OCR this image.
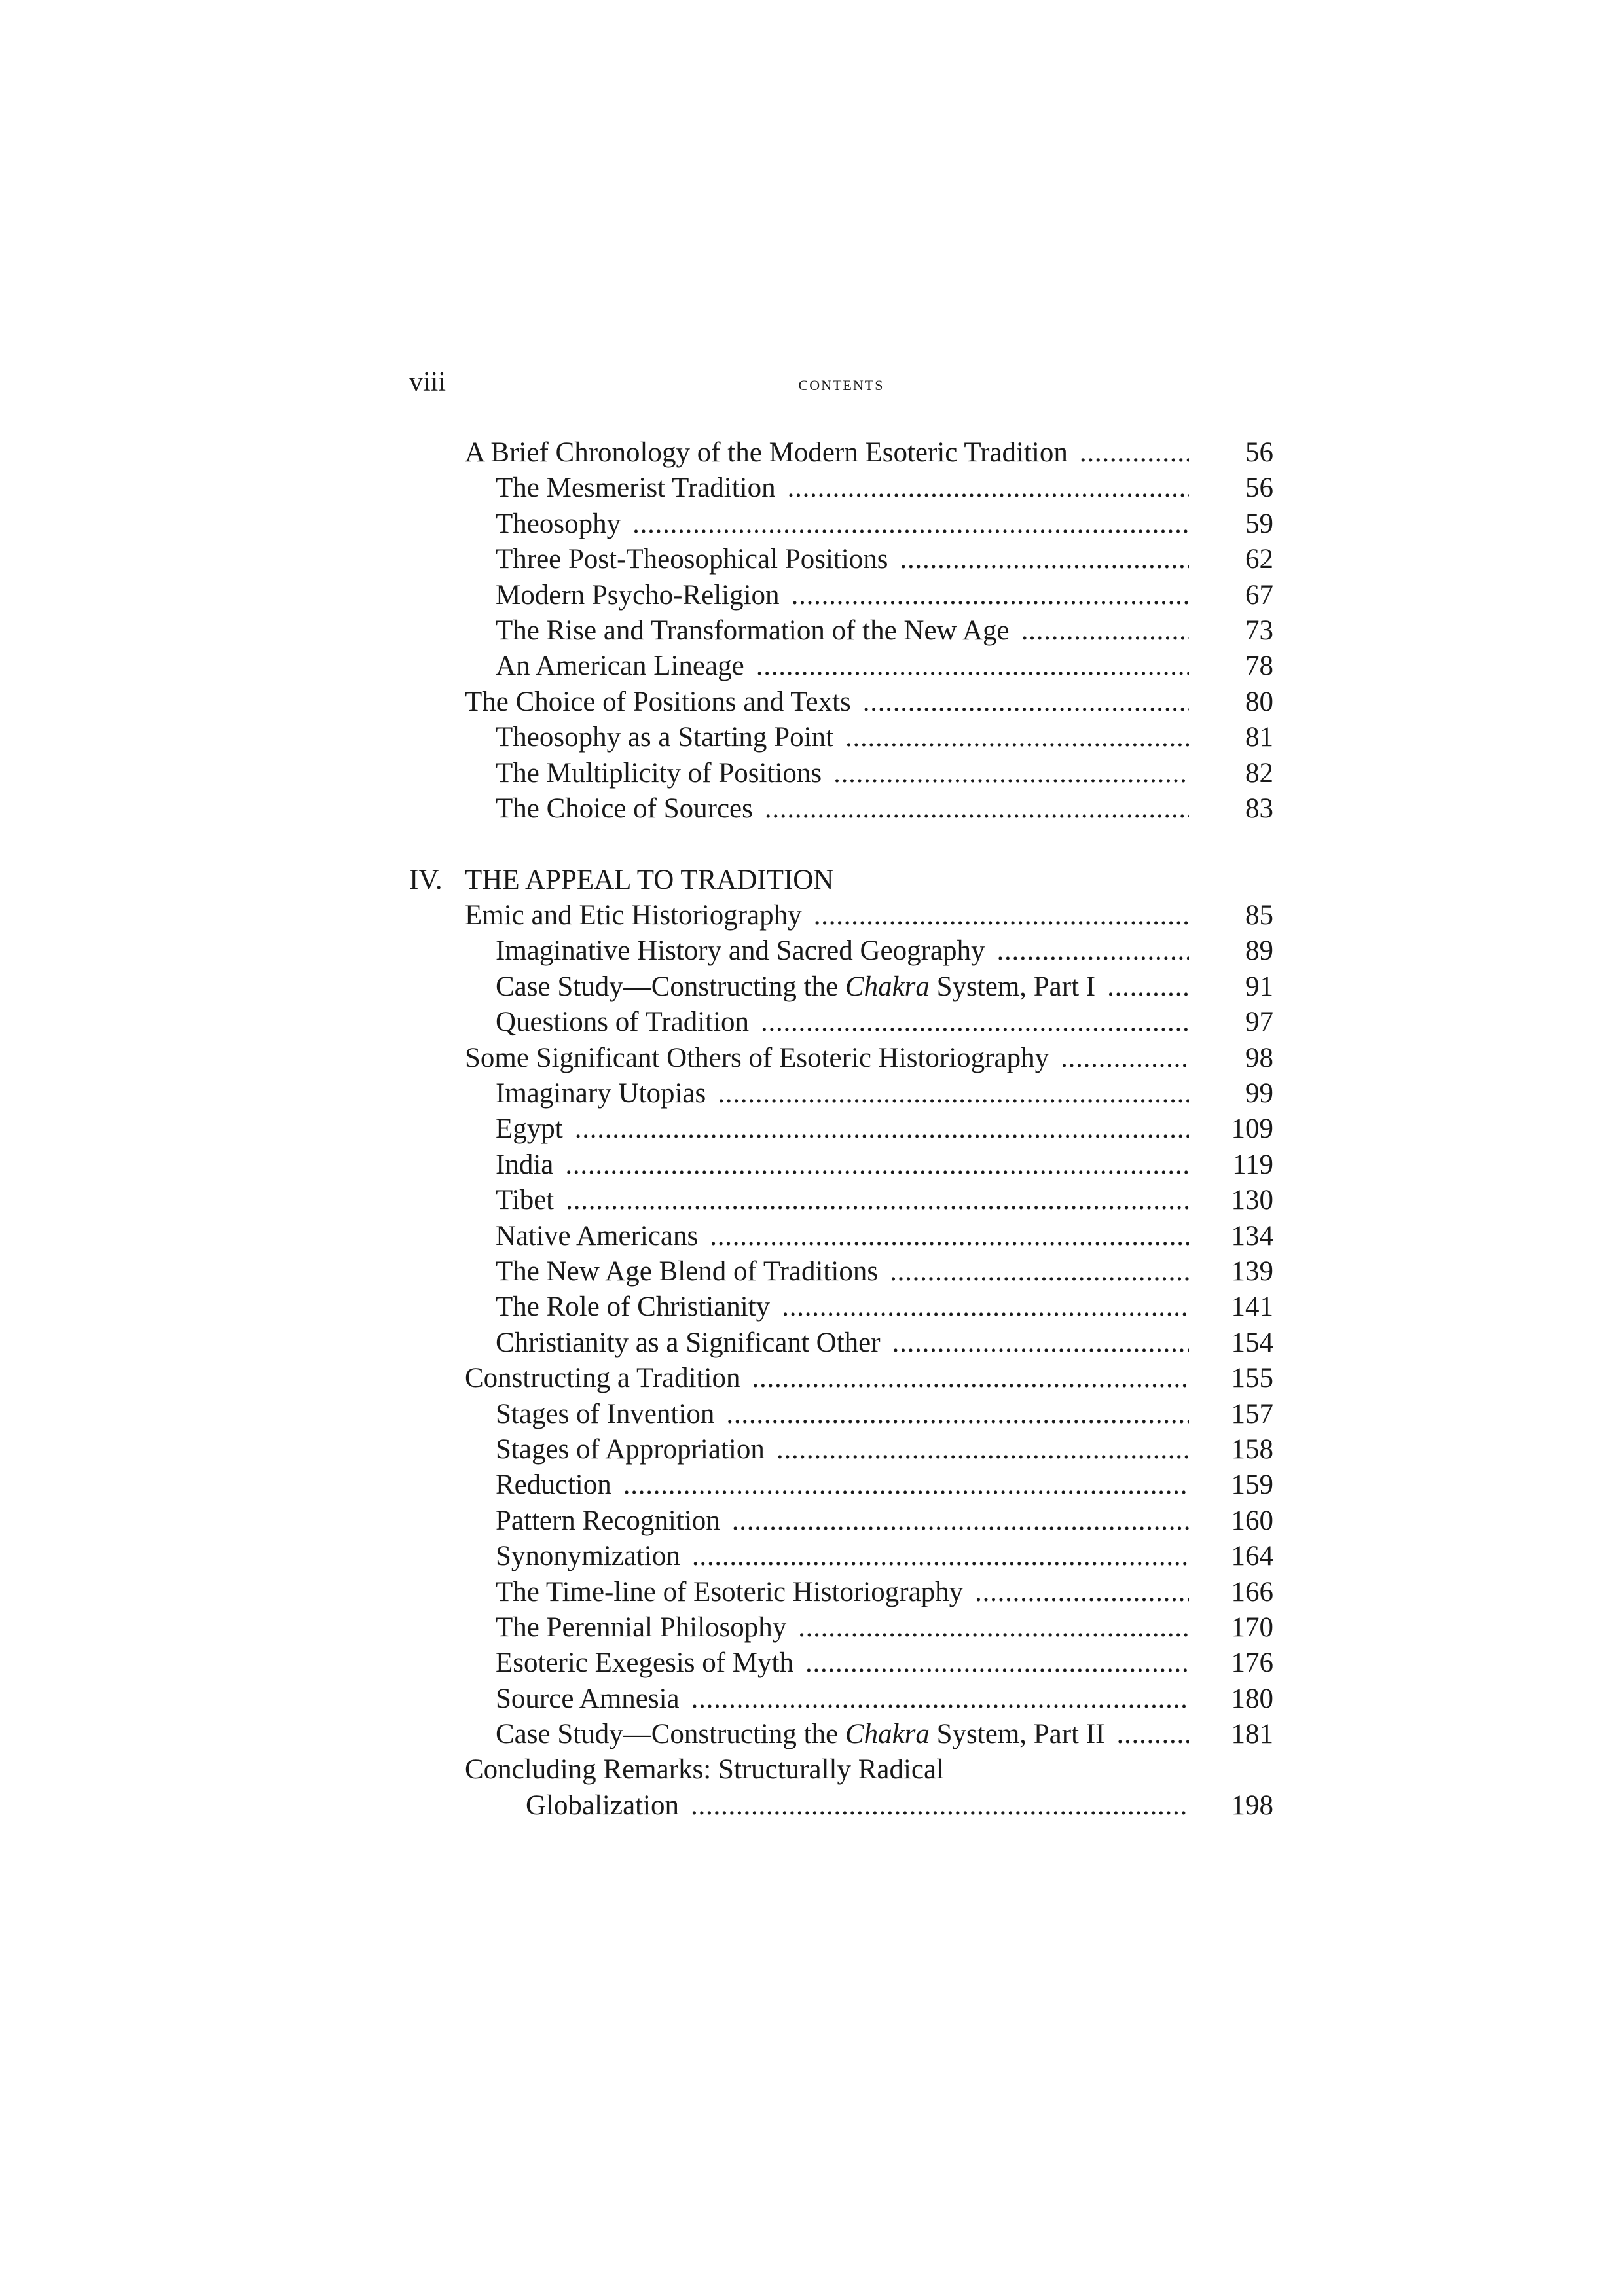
viii	contents
A Brief Chronology of the Modern Esoteric Tradition . . .	56
The Mesmerist Tradition . . .	56
Theosophy . . .	59
Three Post-Theosophical Positions . . .	62
Modern Psycho-Religion . . .	67
The Rise and Transformation of the New Age . . .	73
An American Lineage . . .	78
The Choice of Positions and Texts . . .	80
Theosophy as a Starting Point . . .	81
The Multiplicity of Positions . . .	82
The Choice of Sources . . .	83
IV. THE APPEAL TO TRADITION
Emic and Etic Historiography . . .	85
Imaginative History and Sacred Geography . . .	89
Case Study—Constructing the Chakra System, Part I . . .	91
Questions of Tradition . . .	97
Some Significant Others of Esoteric Historiography . . .	98
Imaginary Utopias . . .	99
Egypt . . .	109
India . . .	119
Tibet . . .	130
Native Americans . . .	134
The New Age Blend of Traditions . . .	139
The Role of Christianity . . .	141
Christianity as a Significant Other . . .	154
Constructing a Tradition . . .	155
Stages of Invention . . .	157
Stages of Appropriation . . .	158
Reduction . . .	159
Pattern Recognition . . .	160
Synonymization . . .	164
The Time-line of Esoteric Historiography . . .	166
The Perennial Philosophy . . .	170
Esoteric Exegesis of Myth . . .	176
Source Amnesia . . .	180
Case Study—Constructing the Chakra System, Part II . . .	181
Concluding Remarks: Structurally Radical
Globalization . . .	198
